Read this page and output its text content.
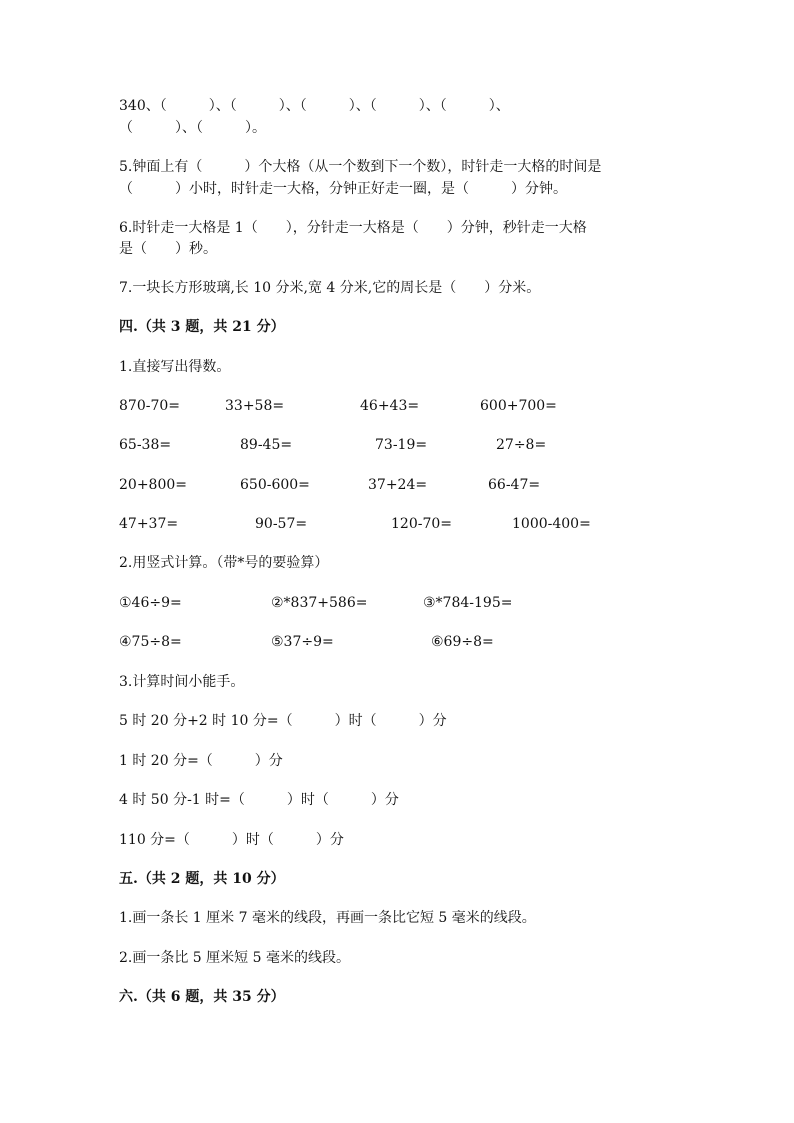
340、（　　　）、（　　　）、（　　　）、（　　　）、（　　　）、
（　　　）、（　　　）。
5.钟面上有（　　　）个大格（从一个数到下一个数），时针走一大格的时间是
（　　　）小时，时针走一大格，分钟正好走一圈，是（　　　）分钟。
6.时针走一大格是 1（　　），分针走一大格是（　　）分钟，秒针走一大格
是（　　）秒。
7.一块长方形玻璃,长 10 分米,宽 4 分米,它的周长是（　　）分米。
四.（共 3 题，共 21 分）
1.直接写出得数。
870-70=	33+58=	46+43=	600+700=
65-38=	89-45=	73-19=	27÷8=
20+800=	650-600=	37+24=	66-47=
47+37=	90-57=	120-70=	1000-400=
2.用竖式计算。（带*号的要验算）
①46÷9=	②*837+586=	③*784-195=
④75÷8=	⑤37÷9=	⑥69÷8=
3.计算时间小能手。
5 时 20 分+2 时 10 分=（　　　）时（　　　）分
1 时 20 分=（　　　）分
4 时 50 分-1 时=（　　　）时（　　　）分
110 分=（　　　）时（　　　）分
五.（共 2 题，共 10 分）
1.画一条长 1 厘米 7 毫米的线段，再画一条比它短 5 毫米的线段。
2.画一条比 5 厘米短 5 毫米的线段。
六.（共 6 题，共 35 分）
